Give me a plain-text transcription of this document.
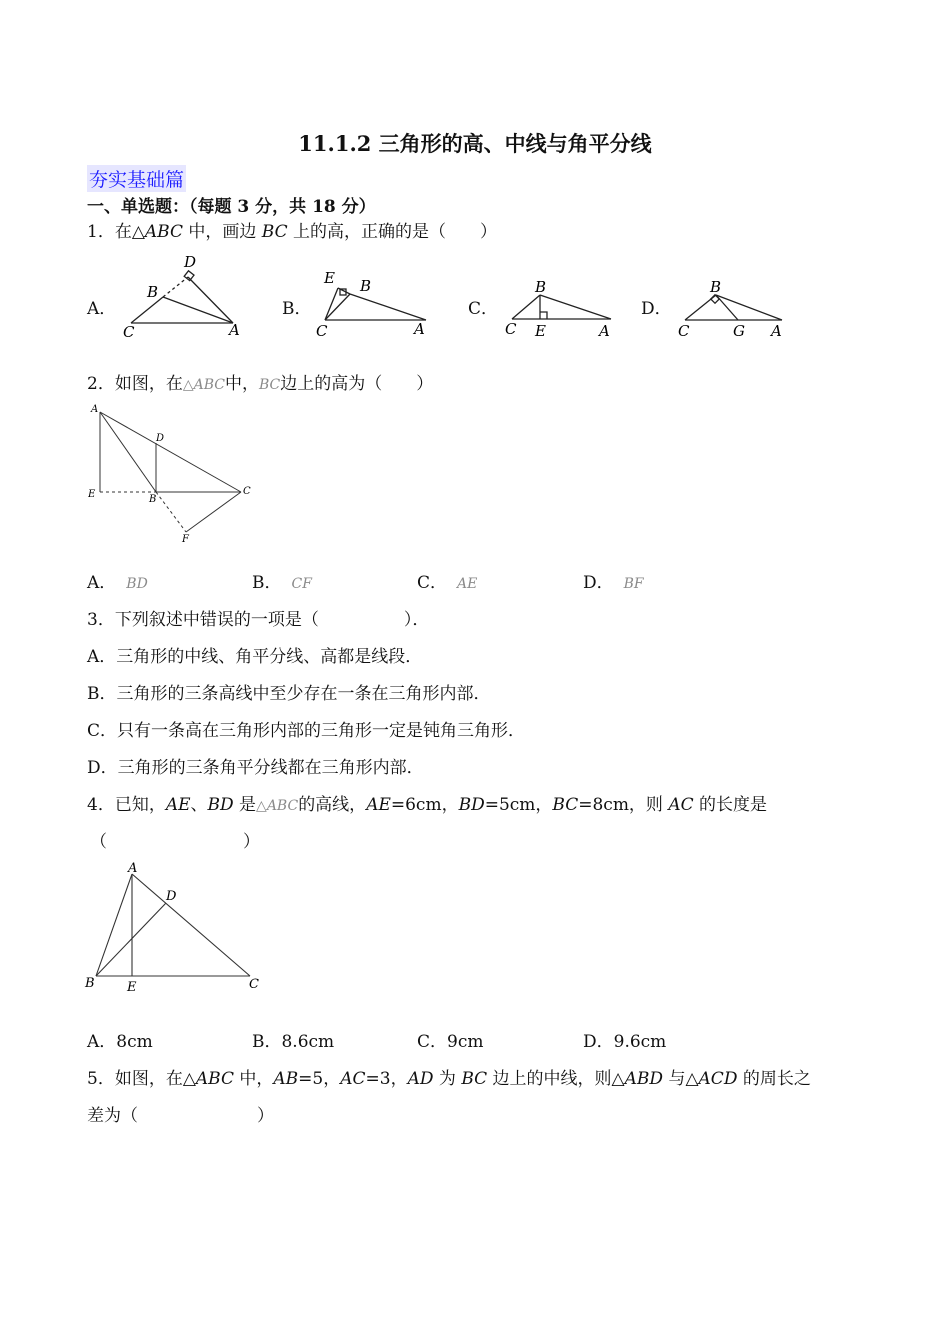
11.1.2 三角形的高、中线与角平分线
夯实基础篇
一、单选题：（每题 3 分，共 18 分）
1．在△ABC 中，画边 BC 上的高，正确的是（　　）
A．
D
B
C	A
B．
E B
C	A
C．
B
C E	A
D．
B
C	G A
2．如图，在△ABC中，BC边上的高为（　　）
A
D
E	B
C
F
A． BD	B． CF	C． AE	D． BF
3．下列叙述中错误的一项是（　　　　　）．
A．三角形的中线、角平分线、高都是线段．
B．三角形的三条高线中至少存在一条在三角形内部．
C．只有一条高在三角形内部的三角形一定是钝角三角形．
D．三角形的三条角平分线都在三角形内部．
4．已知，AE、BD 是△ABC的高线，AE=6cm，BD=5cm，BC=8cm，则 AC 的长度是
（　　　　　　　　）
A
D
B E	C
A．8cm	B．8.6cm	C．9cm	D．9.6cm
5．如图，在△ABC 中，AB=5，AC=3，AD 为 BC 边上的中线，则△ABD 与△ACD 的周长之
差为（　　　　　　　）
